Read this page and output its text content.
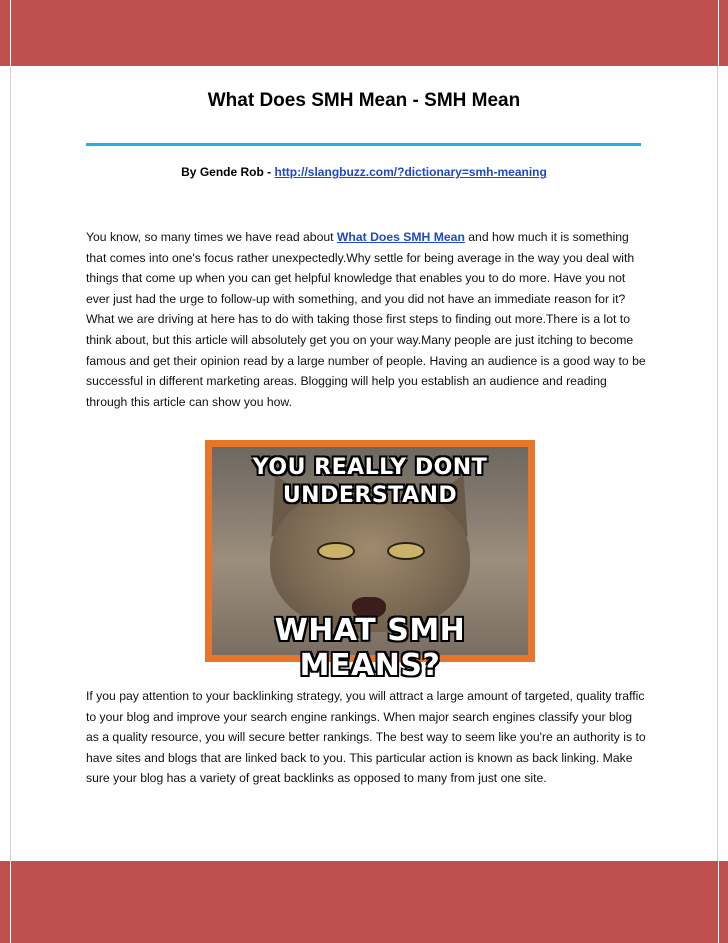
What Does SMH Mean - SMH Mean
By Gende Rob - http://slangbuzz.com/?dictionary=smh-meaning
You know, so many times we have read about What Does SMH Mean and how much it is something that comes into one's focus rather unexpectedly.Why settle for being average in the way you deal with things that come up when you can get helpful knowledge that enables you to do more. Have you not ever just had the urge to follow-up with something, and you did not have an immediate reason for it? What we are driving at here has to do with taking those first steps to finding out more.There is a lot to think about, but this article will absolutely get you on your way.Many people are just itching to become famous and get their opinion read by a large number of people. Having an audience is a good way to be successful in different marketing areas. Blogging will help you establish an audience and reading through this article can show you how.
YOU REALLY DONT
UNDERSTAND
WHAT SMH MEANS?
If you pay attention to your backlinking strategy, you will attract a large amount of targeted, quality traffic to your blog and improve your search engine rankings. When major search engines classify your blog as a quality resource, you will secure better rankings. The best way to seem like you're an authority is to have sites and blogs that are linked back to you. This particular action is known as back linking. Make sure your blog has a variety of great backlinks as opposed to many from just one site.
